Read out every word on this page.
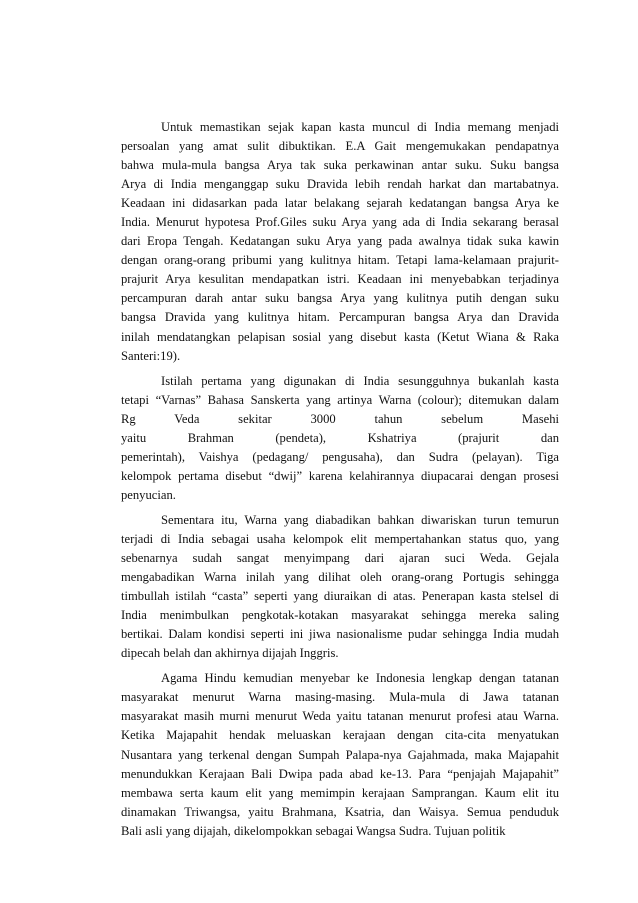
Untuk memastikan sejak kapan kasta muncul di India memang menjadi
persoalan yang amat sulit dibuktikan. E.A Gait mengemukakan pendapatnya
bahwa mula-mula bangsa Arya tak suka perkawinan antar suku. Suku bangsa
Arya di India menganggap suku Dravida lebih rendah harkat dan martabatnya.
Keadaan ini didasarkan pada latar belakang sejarah kedatangan bangsa Arya ke
India. Menurut hypotesa Prof.Giles suku Arya yang ada di India sekarang berasal
dari Eropa Tengah. Kedatangan suku Arya yang pada awalnya tidak suka kawin
dengan orang-orang pribumi yang kulitnya hitam. Tetapi lama-kelamaan prajurit-
prajurit Arya kesulitan mendapatkan istri. Keadaan ini menyebabkan terjadinya
percampuran darah antar suku bangsa Arya yang kulitnya putih dengan suku
bangsa Dravida yang kulitnya hitam. Percampuran bangsa Arya dan Dravida
inilah mendatangkan pelapisan sosial yang disebut kasta (Ketut Wiana & Raka
Santeri:19).
Istilah pertama yang digunakan di India sesungguhnya bukanlah kasta
tetapi “Varnas” Bahasa Sanskerta yang artinya Warna (colour); ditemukan dalam
Rg Veda sekitar 3000 tahun sebelum Masehi
yaitu Brahman (pendeta), Kshatriya (prajurit dan
pemerintah), Vaishya (pedagang/ pengusaha), dan Sudra (pelayan). Tiga
kelompok pertama disebut “dwij” karena kelahirannya diupacarai dengan prosesi
penyucian.
Sementara itu, Warna yang diabadikan bahkan diwariskan turun temurun
terjadi di India sebagai usaha kelompok elit mempertahankan status quo, yang
sebenarnya sudah sangat menyimpang dari ajaran suci Weda. Gejala
mengabadikan Warna inilah yang dilihat oleh orang-orang Portugis sehingga
timbullah istilah “casta” seperti yang diuraikan di atas. Penerapan kasta stelsel di
India menimbulkan pengkotak-kotakan masyarakat sehingga mereka saling
bertikai. Dalam kondisi seperti ini jiwa nasionalisme pudar sehingga India mudah
dipecah belah dan akhirnya dijajah Inggris.
Agama Hindu kemudian menyebar ke Indonesia lengkap dengan tatanan
masyarakat menurut Warna masing-masing. Mula-mula di Jawa tatanan
masyarakat masih murni menurut Weda yaitu tatanan menurut profesi atau Warna.
Ketika Majapahit hendak meluaskan kerajaan dengan cita-cita menyatukan
Nusantara yang terkenal dengan Sumpah Palapa-nya Gajahmada, maka Majapahit
menundukkan Kerajaan Bali Dwipa pada abad ke-13. Para “penjajah Majapahit”
membawa serta kaum elit yang memimpin kerajaan Samprangan. Kaum elit itu
dinamakan Triwangsa, yaitu Brahmana, Ksatria, dan Waisya. Semua penduduk
Bali asli yang dijajah, dikelompokkan sebagai Wangsa Sudra. Tujuan politik
